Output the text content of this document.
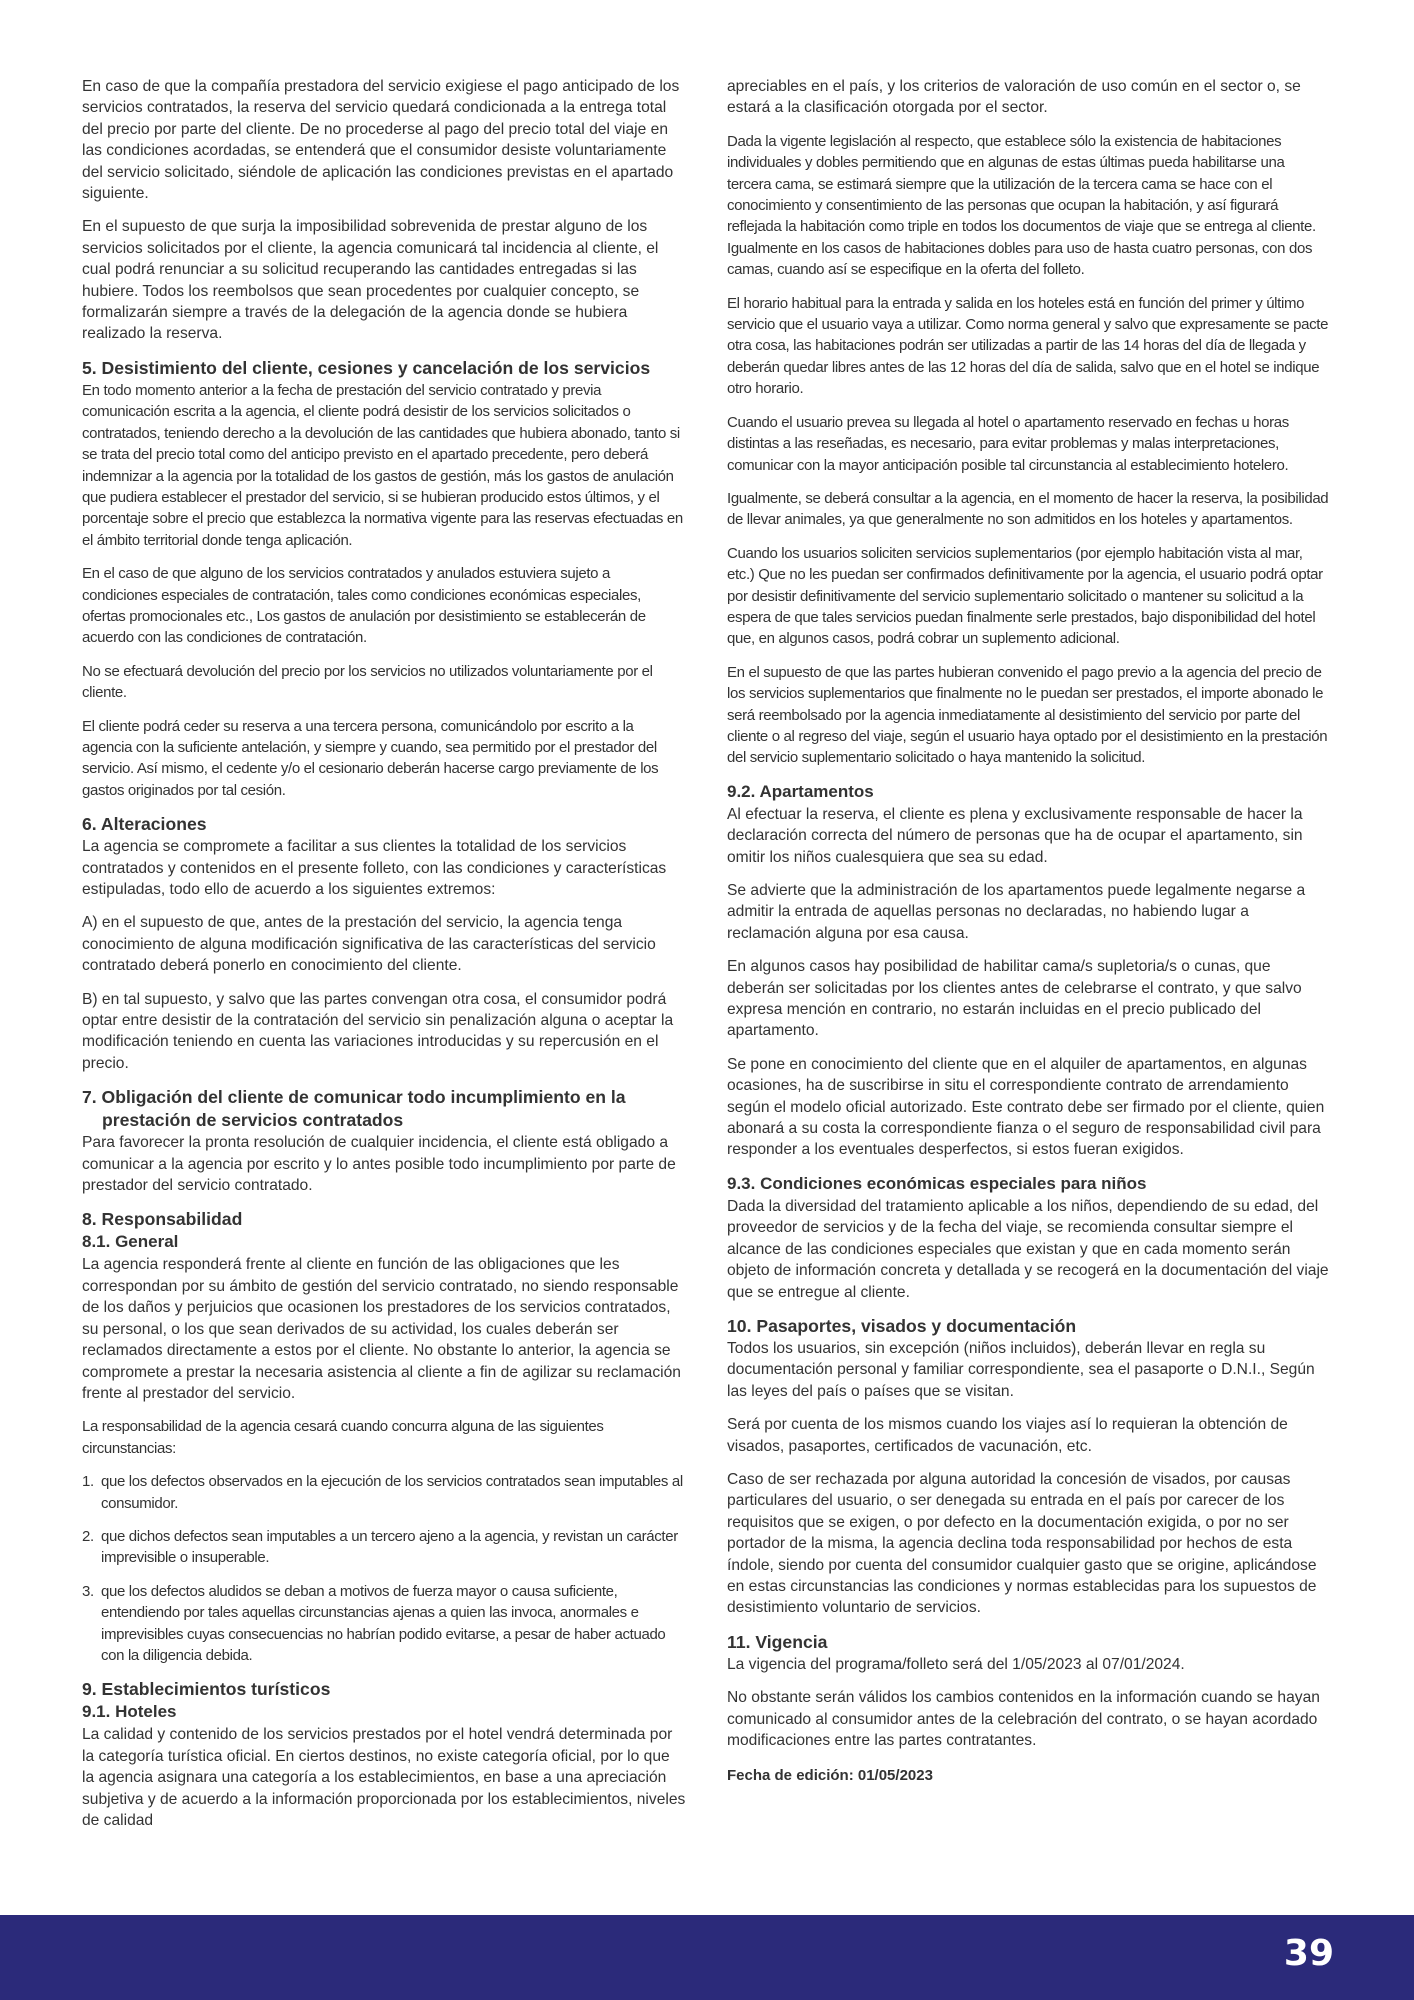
En caso de que la compañía prestadora del servicio exigiese el pago anticipado de los servicios contratados, la reserva del servicio quedará condicionada a la entrega total del precio por parte del cliente. De no procederse al pago del precio total del viaje en las condiciones acordadas, se entenderá que el consumidor desiste voluntariamente del servicio solicitado, siéndole de aplicación las condiciones previstas en el apartado siguiente.

En el supuesto de que surja la imposibilidad sobrevenida de prestar alguno de los servicios solicitados por el cliente, la agencia comunicará tal incidencia al cliente, el cual podrá renunciar a su solicitud recuperando las cantidades entregadas si las hubiere. Todos los reembolsos que sean procedentes por cualquier concepto, se formalizarán siempre a través de la delegación de la agencia donde se hubiera realizado la reserva.

5. Desistimiento del cliente, cesiones y cancelación de los servicios

En todo momento anterior a la fecha de prestación del servicio contratado y previa comunicación escrita a la agencia, el cliente podrá desistir de los servicios solicitados o contratados, teniendo derecho a la devolución de las cantidades que hubiera abonado, tanto si se trata del precio total como del anticipo previsto en el apartado precedente, pero deberá indemnizar a la agencia por la totalidad de los gastos de gestión, más los gastos de anulación que pudiera establecer el prestador del servicio, si se hubieran producido estos últimos, y el porcentaje sobre el precio que establezca la normativa vigente para las reservas efectuadas en el ámbito territorial donde tenga aplicación.

En el caso de que alguno de los servicios contratados y anulados estuviera sujeto a condiciones especiales de contratación, tales como condiciones económicas especiales, ofertas promocionales etc., Los gastos de anulación por desistimiento se establecerán de acuerdo con las condiciones de contratación.

No se efectuará devolución del precio por los servicios no utilizados voluntariamente por el cliente.

El cliente podrá ceder su reserva a una tercera persona, comunicándolo por escrito a la agencia con la suficiente antelación, y siempre y cuando, sea permitido por el prestador del servicio. Así mismo, el cedente y/o el cesionario deberán hacerse cargo previamente de los gastos originados por tal cesión.

6. Alteraciones

La agencia se compromete a facilitar a sus clientes la totalidad de los servicios contratados y contenidos en el presente folleto, con las condiciones y características estipuladas, todo ello de acuerdo a los siguientes extremos:

A) en el supuesto de que, antes de la prestación del servicio, la agencia tenga conocimiento de alguna modificación significativa de las características del servicio contratado deberá ponerlo en conocimiento del cliente.

B) en tal supuesto, y salvo que las partes convengan otra cosa, el consumidor podrá optar entre desistir de la contratación del servicio sin penalización alguna o aceptar la modificación teniendo en cuenta las variaciones introducidas y su repercusión en el precio.

7. Obligación del cliente de comunicar todo incumplimiento en la prestación de servicios contratados

Para favorecer la pronta resolución de cualquier incidencia, el cliente está obligado a comunicar a la agencia por escrito y lo antes posible todo incumplimiento por parte de prestador del servicio contratado.

8. Responsabilidad
8.1. General

La agencia responderá frente al cliente en función de las obligaciones que les correspondan por su ámbito de gestión del servicio contratado, no siendo responsable de los daños y perjuicios que ocasionen los prestadores de los servicios contratados, su personal, o los que sean derivados de su actividad, los cuales deberán ser reclamados directamente a estos por el cliente. No obstante lo anterior, la agencia se compromete a prestar la necesaria asistencia al cliente a fin de agilizar su reclamación frente al prestador del servicio.

La responsabilidad de la agencia cesará cuando concurra alguna de las siguientes circunstancias:

1. que los defectos observados en la ejecución de los servicios contratados sean imputables al consumidor.
2. que dichos defectos sean imputables a un tercero ajeno a la agencia, y revistan un carácter imprevisible o insuperable.
3. que los defectos aludidos se deban a motivos de fuerza mayor o causa suficiente, entendiendo por tales aquellas circunstancias ajenas a quien las invoca, anormales e imprevisibles cuyas consecuencias no habrían podido evitarse, a pesar de haber actuado con la diligencia debida.
9. Establecimientos turísticos
9.1. Hoteles

La calidad y contenido de los servicios prestados por el hotel vendrá determinada por la categoría turística oficial. En ciertos destinos, no existe categoría oficial, por lo que la agencia asignara una categoría a los establecimientos, en base a una apreciación subjetiva y de acuerdo a la información proporcionada por los establecimientos, niveles de calidad

apreciables en el país, y los criterios de valoración de uso común en el sector o, se estará a la clasificación otorgada por el sector.

Dada la vigente legislación al respecto, que establece sólo la existencia de habitaciones individuales y dobles permitiendo que en algunas de estas últimas pueda habilitarse una tercera cama, se estimará siempre que la utilización de la tercera cama se hace con el conocimiento y consentimiento de las personas que ocupan la habitación, y así figurará reflejada la habitación como triple en todos los documentos de viaje que se entrega al cliente. Igualmente en los casos de habitaciones dobles para uso de hasta cuatro personas, con dos camas, cuando así se especifique en la oferta del folleto.

El horario habitual para la entrada y salida en los hoteles está en función del primer y último servicio que el usuario vaya a utilizar. Como norma general y salvo que expresamente se pacte otra cosa, las habitaciones podrán ser utilizadas a partir de las 14 horas del día de llegada y deberán quedar libres antes de las 12 horas del día de salida, salvo que en el hotel se indique otro horario.

Cuando el usuario prevea su llegada al hotel o apartamento reservado en fechas u horas distintas a las reseñadas, es necesario, para evitar problemas y malas interpretaciones, comunicar con la mayor anticipación posible tal circunstancia al establecimiento hotelero.

Igualmente, se deberá consultar a la agencia, en el momento de hacer la reserva, la posibilidad de llevar animales, ya que generalmente no son admitidos en los hoteles y apartamentos.

Cuando los usuarios soliciten servicios suplementarios (por ejemplo habitación vista al mar, etc.) Que no les puedan ser confirmados definitivamente por la agencia, el usuario podrá optar por desistir definitivamente del servicio suplementario solicitado o mantener su solicitud a la espera de que tales servicios puedan finalmente serle prestados, bajo disponibilidad del hotel que, en algunos casos, podrá cobrar un suplemento adicional.

En el supuesto de que las partes hubieran convenido el pago previo a la agencia del precio de los servicios suplementarios que finalmente no le puedan ser prestados, el importe abonado le será reembolsado por la agencia inmediatamente al desistimiento del servicio por parte del cliente o al regreso del viaje, según el usuario haya optado por el desistimiento en la prestación del servicio suplementario solicitado o haya mantenido la solicitud.

9.2. Apartamentos

Al efectuar la reserva, el cliente es plena y exclusivamente responsable de hacer la declaración correcta del número de personas que ha de ocupar el apartamento, sin omitir los niños cualesquiera que sea su edad.

Se advierte que la administración de los apartamentos puede legalmente negarse a admitir la entrada de aquellas personas no declaradas, no habiendo lugar a reclamación alguna por esa causa.

En algunos casos hay posibilidad de habilitar cama/s supletoria/s o cunas, que deberán ser solicitadas por los clientes antes de celebrarse el contrato, y que salvo expresa mención en contrario, no estarán incluidas en el precio publicado del apartamento.

Se pone en conocimiento del cliente que en el alquiler de apartamentos, en algunas ocasiones, ha de suscribirse in situ el correspondiente contrato de arrendamiento según el modelo oficial autorizado. Este contrato debe ser firmado por el cliente, quien abonará a su costa la correspondiente fianza o el seguro de responsabilidad civil para responder a los eventuales desperfectos, si estos fueran exigidos.

9.3. Condiciones económicas especiales para niños

Dada la diversidad del tratamiento aplicable a los niños, dependiendo de su edad, del proveedor de servicios y de la fecha del viaje, se recomienda consultar siempre el alcance de las condiciones especiales que existan y que en cada momento serán objeto de información concreta y detallada y se recogerá en la documentación del viaje que se entregue al cliente.

10. Pasaportes, visados y documentación

Todos los usuarios, sin excepción (niños incluidos), deberán llevar en regla su documentación personal y familiar correspondiente, sea el pasaporte o D.N.I., Según las leyes del país o países que se visitan.

Será por cuenta de los mismos cuando los viajes así lo requieran la obtención de visados, pasaportes, certificados de vacunación, etc.

Caso de ser rechazada por alguna autoridad la concesión de visados, por causas particulares del usuario, o ser denegada su entrada en el país por carecer de los requisitos que se exigen, o por defecto en la documentación exigida, o por no ser portador de la misma, la agencia declina toda responsabilidad por hechos de esta índole, siendo por cuenta del consumidor cualquier gasto que se origine, aplicándose en estas circunstancias las condiciones y normas establecidas para los supuestos de desistimiento voluntario de servicios.

11. Vigencia

La vigencia del programa/folleto será del 1/05/2023 al 07/01/2024.

No obstante serán válidos los cambios contenidos en la información cuando se hayan comunicado al consumidor antes de la celebración del contrato, o se hayan acordado modificaciones entre las partes contratantes.

Fecha de edición: 01/05/2023

39
